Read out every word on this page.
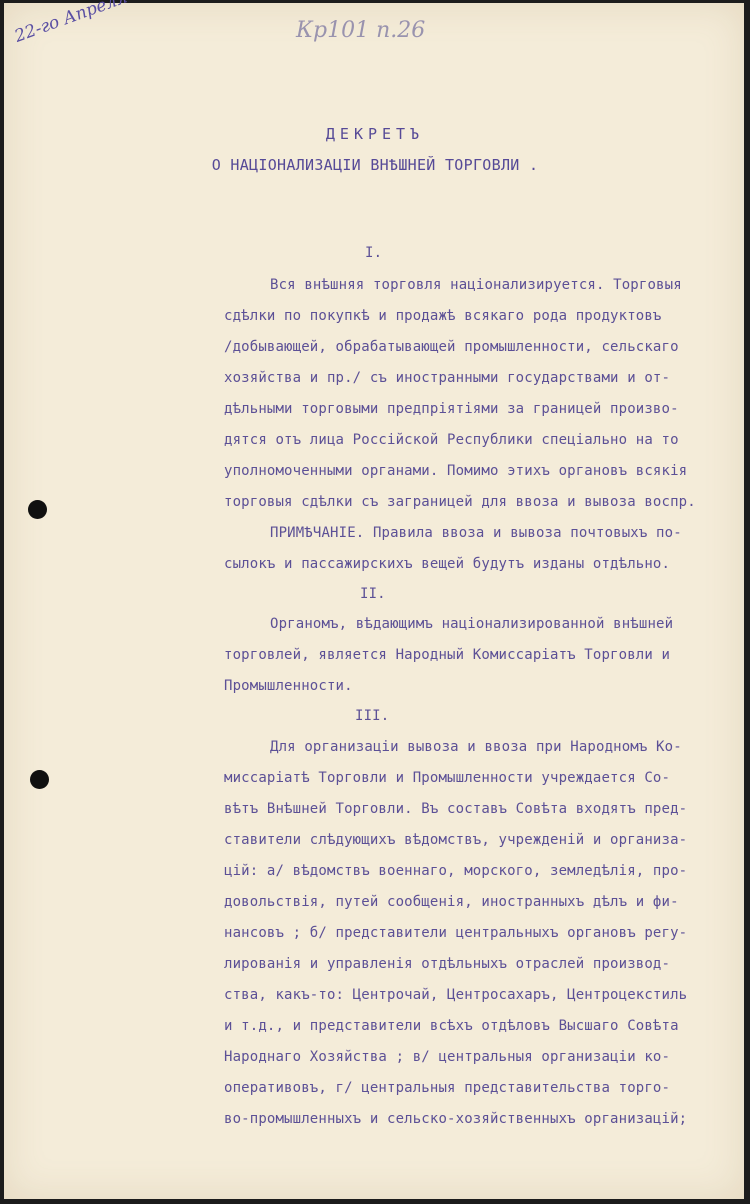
Кр101 п.26
ДЕКРЕТЪ
О НАЦIОНАЛИЗАЦIИ ВНѢШНЕЙ ТОРГОВЛИ .
I.
Вся внѣшняя торговля нацiонализируется. Торговыя
сдѣлки по покупкѣ и продажѣ всякаго рода продуктовъ
/добывающей, обрабатывающей промышленности, сельскаго
хозяйства и пр./ съ иностранными государствами и от-
дѣльными торговыми предпрiятiями за границей произво-
дятся отъ лица Россiйской Республики спецiально на то
уполномоченными органами. Помимо этихъ органовъ всякiя
торговыя сдѣлки съ заграницей для ввоза и вывоза воспр.
ПРИМѢЧАНIЕ. Правила ввоза и вывоза почтовыхъ по-
сылокъ и пассажирскихъ вещей будутъ изданы отдѣльно.
II.
Органомъ, вѣдающимъ нацiонализированной внѣшней
торговлей, является Народный Комиссарiатъ Торговли и
Промышленности.
III.
Для организацiи вывоза и ввоза при Народномъ Ко-
миссарiатѣ Торговли и Промышленности учреждается Со-
вѣтъ Внѣшней Торговли. Въ составъ Совѣта входятъ пред-
ставители слѣдующихъ вѣдомствъ, учрежденiй и организа-
цiй: а/ вѣдомствъ военнаго, морского, земледѣлiя, про-
довольствiя, путей сообщенiя, иностранныхъ дѣлъ и фи-
нансовъ ; б/ представители центральныхъ органовъ регу-
лированiя и управленiя отдѣльныхъ отраслей производ-
ства, какъ-то: Центрочай, Центросахаръ, Центроцекстиль
и т.д., и представители всѣхъ отдѣловъ Высшаго Совѣта
Народнаго Хозяйства ; в/ центральныя организацiи ко-
оперативовъ, г/ центральныя представительства торго-
во-промышленныхъ и сельско-хозяйственныхъ организацiй;
